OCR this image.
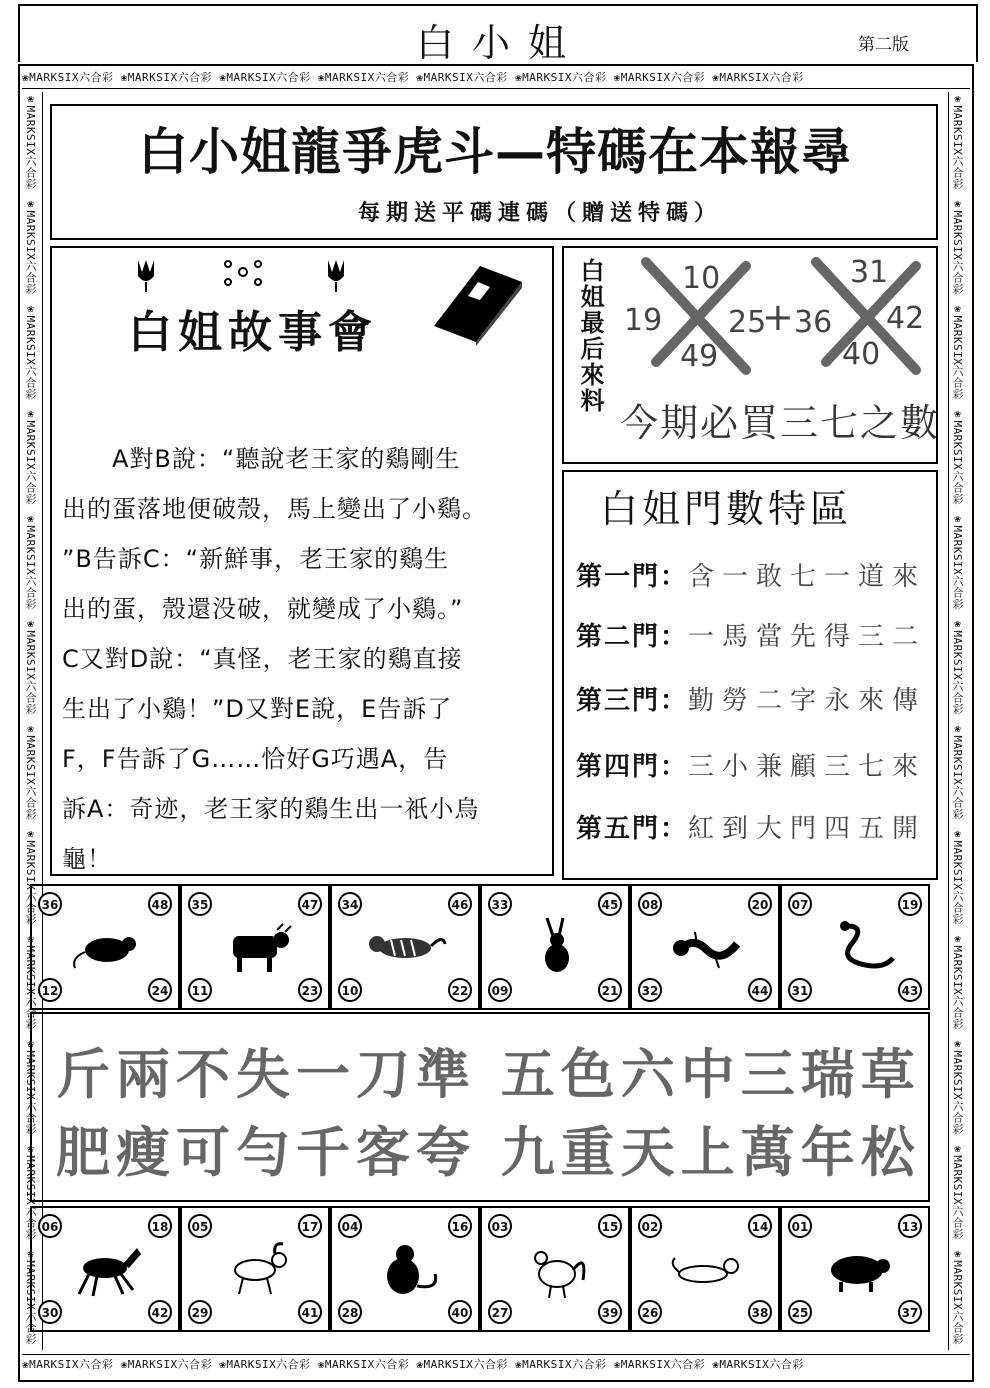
白小姐	第二版
❀MARKSIX六合彩 ❀MARKSIX六合彩 ❀MARKSIX六合彩 ❀MARKSIX六合彩 ❀MARKSIX六合彩 ❀MARKSIX六合彩 ❀MARKSIX六合彩 ❀MARKSIX六合彩
❀MARKSIX六合彩 ❀MARKSIX六合彩 ❀MARKSIX六合彩 ❀MARKSIX六合彩 ❀MARKSIX六合彩 ❀MARKSIX六合彩 ❀MARKSIX六合彩 ❀MARKSIX六合彩
❀MARKSIX六合彩 ❀MARKSIX六合彩 ❀MARKSIX六合彩 ❀MARKSIX六合彩 ❀MARKSIX六合彩 ❀MARKSIX六合彩 ❀MARKSIX六合彩 ❀MARKSIX六合彩 ❀MARKSIX六合彩 ❀MARKSIX六合彩 ❀MARKSIX六合彩 ❀MARKSIX六合彩	❀MARKSIX六合彩 ❀MARKSIX六合彩 ❀MARKSIX六合彩 ❀MARKSIX六合彩 ❀MARKSIX六合彩 ❀MARKSIX六合彩 ❀MARKSIX六合彩 ❀MARKSIX六合彩 ❀MARKSIX六合彩 ❀MARKSIX六合彩 ❀MARKSIX六合彩 ❀MARKSIX六合彩
白小姐龍爭虎斗—特碼在本報尋
每期送平碼連碼（贈送特碼）
白姐故事會

A對B說：“聽說老王家的鷄剛生

出的蛋落地便破殼，馬上變出了小鷄。

”B告訴C：“新鮮事，老王家的鷄生

出的蛋，殼還没破，就變成了小鷄。”

C又對D說：“真怪，老王家的鷄直接

生出了小鷄！”D又對E說，E告訴了

F，F告訴了G……恰好G巧遇A，告

訴A：奇迹，老王家的鷄生出一衹小烏

龜！

白姐最后來料	10
19 25
49
+
31
36 42
40
今期必買三七之數
白姐門數特區
第一門：含一敢七一道來
第二門：一馬當先得三二
第三門：勤勞二字永來傳
第四門：三小兼顧三七來
第五門：紅到大門四五開
36	48
12	24
35	47
11	23
34	46
10	22
33	45
09	21
08	20
32	44
07	19
31	43
斤兩不失一刀準 五色六中三瑞草
肥瘦可勻千客夸 九重天上萬年松
06	18
30	42
05	17
29	41
04	16
28	40
03	15
27	39
02	14
26	38
01	13
25	37
